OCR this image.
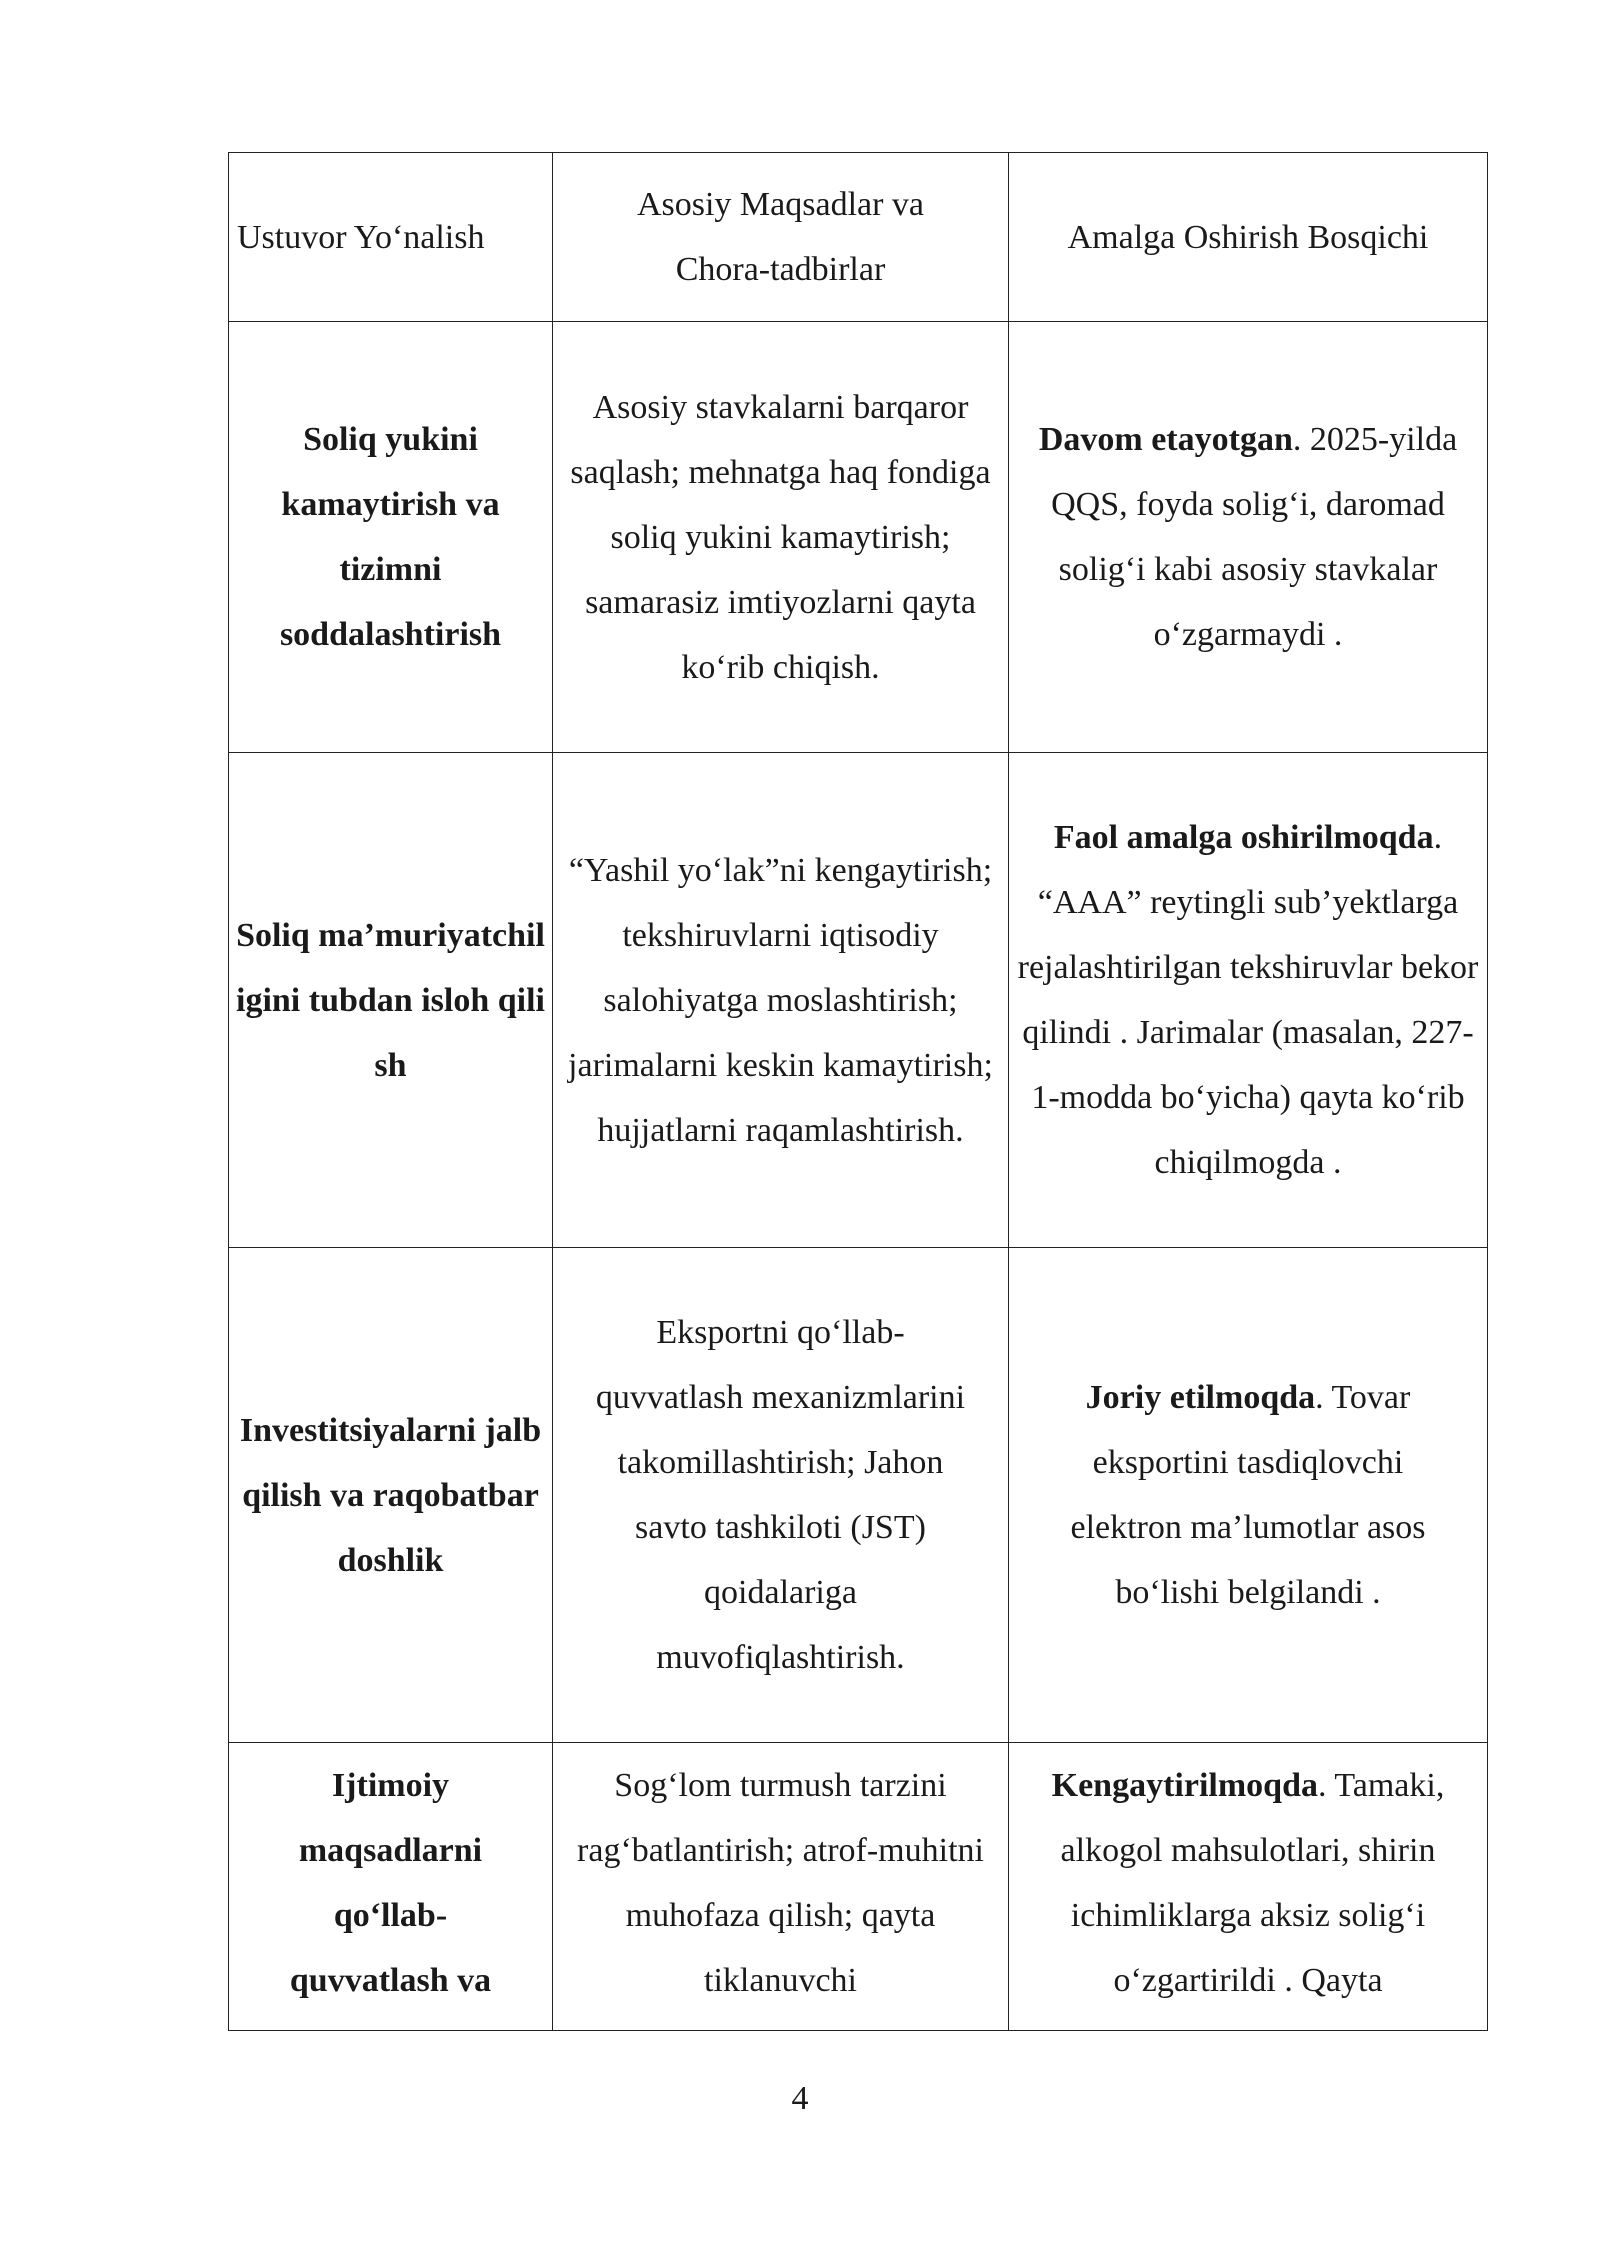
Ustuvor Yo‘nalish	Asosiy Maqsadlar va Chora-tadbirlar	Amalga Oshirish Bosqichi

Soliq yukini kamaytirish va tizimni soddalashtirish	Asosiy stavkalarni barqaror saqlash; mehnatga haq fondiga soliq yukini kamaytirish; samarasiz imtiyozlarni qayta ko‘rib chiqish.	Davom etayotgan. 2025-yilda QQS, foyda solig‘i, daromad solig‘i kabi asosiy stavkalar o‘zgarmaydi .

Soliq ma’muriyatchiligini tubdan isloh qilish	“Yashil yo‘lak”ni kengaytirish; tekshiruvlarni iqtisodiy salohiyatga moslashtirish; jarimalarni keskin kamaytirish; hujjatlarni raqamlashtirish.	Faol amalga oshirilmoqda. “AAA” reytingli sub’yektlarga rejalashtirilgan tekshiruvlar bekor qilindi . Jarimalar (masalan, 227-1-modda bo‘yicha) qayta ko‘rib chiqilmogda .

Investitsiyalarni jalb qilish va raqobatbardoshlik	Eksportni qo‘llab-quvvatlash mexanizmlarini takomillashtirish; Jahon savto tashkiloti (JST) qoidalariga muvofiqlashtirish.	Joriy etilmoqda. Tovar eksportini tasdiqlovchi elektron ma’lumotlar asos bo‘lishi belgilandi .

Ijtimoiy maqsadlarni qo‘llab-quvvatlash va	Sog‘lom turmush tarzini rag‘batlantirish; atrof-muhitni muhofaza qilish; qayta tiklanuvchi	Kengaytirilmoqda. Tamaki, alkogol mahsulotlari, shirin ichimliklarga aksiz solig‘i o‘zgartirildi . Qayta

4
